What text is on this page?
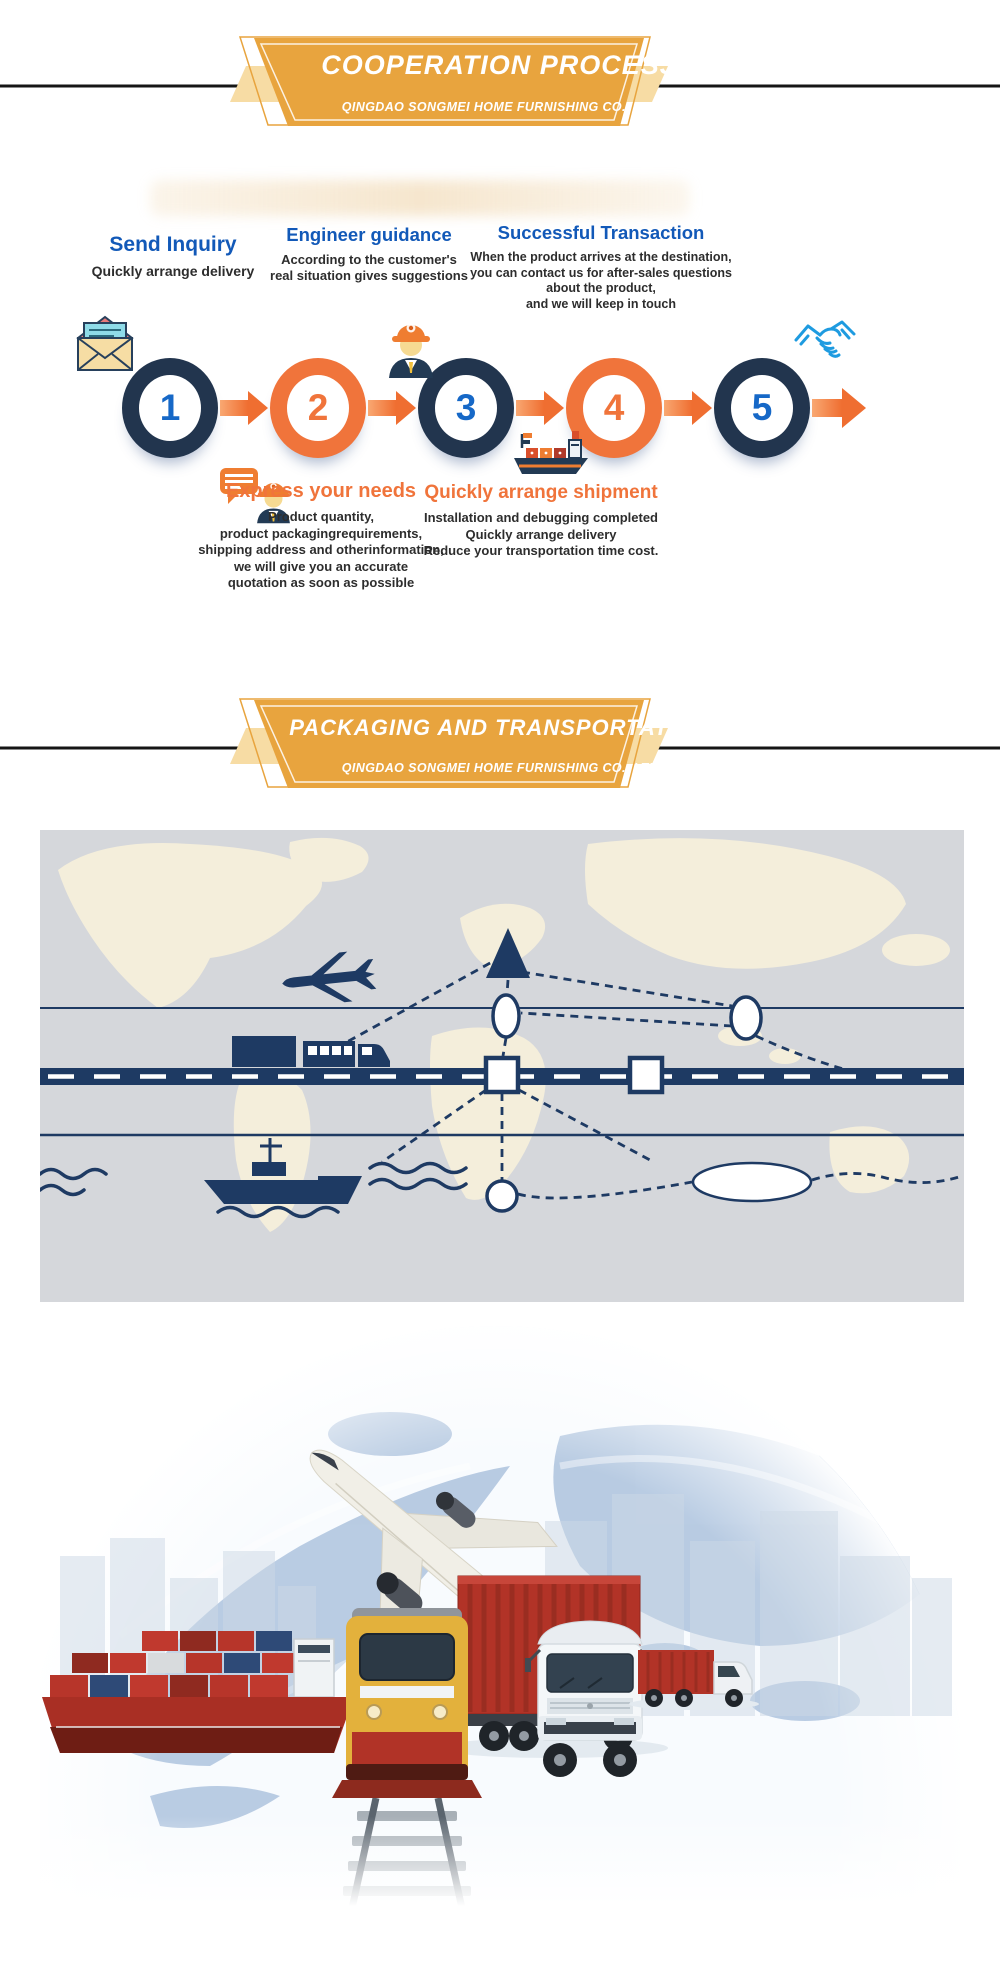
COOPERATION PROCESS
QINGDAO SONGMEI HOME FURNISHING CO., LTD
Send Inquiry
Quickly arrange delivery
Engineer guidance
According to the customer's
real situation gives suggestions
Successful Transaction
When the product arrives at the destination,
you can contact us for after-sales questions
about the product,
and we will keep in touch
1	2	3	4	5
Express your needs
Product quantity,
product packagingrequirements,
shipping address and otherinformation,
we will give you an accurate
quotation as soon as possible
Quickly arrange shipment
Installation and debugging completed
Quickly arrange delivery
Reduce your transportation time cost.
PACKAGING AND TRANSPORTATION
QINGDAO SONGMEI HOME FURNISHING CO., LTD
